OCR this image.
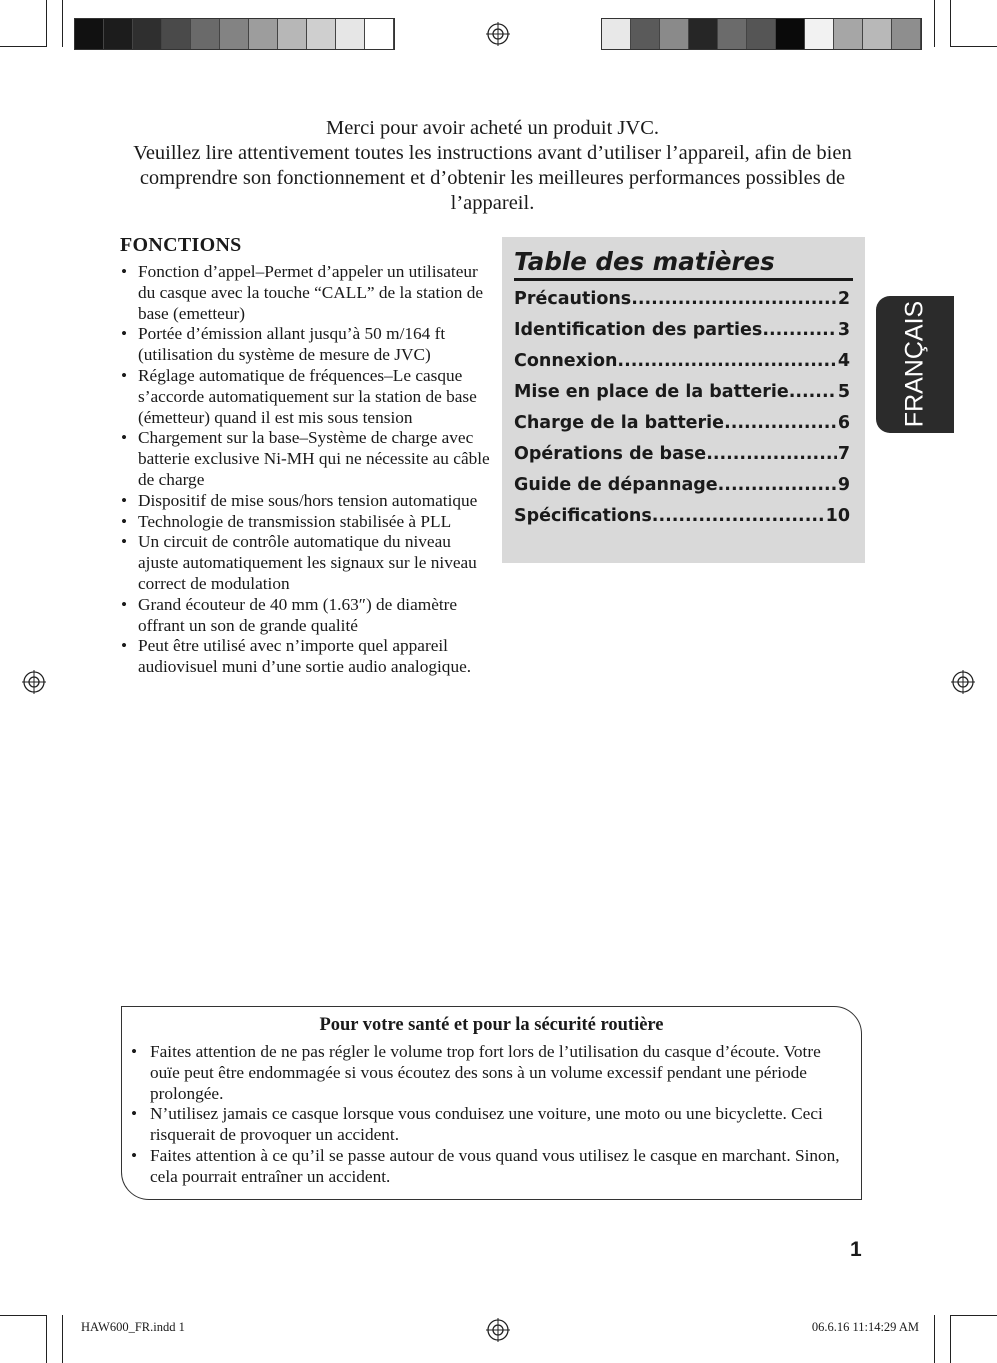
Merci pour avoir acheté un produit JVC.

Veuillez lire attentivement toutes les instructions avant d’utiliser l’appareil, afin de bien comprendre son fonctionnement et d’obtenir les meilleures performances possibles de l’appareil.

FONCTIONS
• Fonction d’appel–Permet d’appeler un utilisateur du casque avec la touche “CALL” de la station de base (emetteur)
• Portée d’émission allant jusqu’à 50 m/164 ft (utilisation du système de mesure de JVC)
• Réglage automatique de fréquences–Le casque s’accorde automatiquement sur la station de base (émetteur) quand il est mis sous tension
• Chargement sur la base–Système de charge avec batterie exclusive Ni-MH qui ne nécessite au câble de charge
• Dispositif de mise sous/hors tension automatique
• Technologie de transmission stabilisée à PLL
• Un circuit de contrôle automatique du niveau ajuste automatiquement les signaux sur le niveau correct de modulation
• Grand écouteur de 40 mm (1.63″) de diamètre offrant un son de grande qualité
• Peut être utilisé avec n’importe quel appareil audiovisuel muni d’une sortie audio analogique.
Table des matières
Précautions .....	2
Identification des parties .....	3
Connexion .....	4
Mise en place de la batterie .....	5
Charge de la batterie .....	6
Opérations de base .....	7
Guide de dépannage .....	9
Spécifications .....	10
FRANÇAIS
Pour votre santé et pour la sécurité routière
• Faites attention de ne pas régler le volume trop fort lors de l’utilisation du casque d’écoute. Votre ouïe peut être endommagée si vous écoutez des sons à un volume excessif pendant une période prolongée.
• N’utilisez jamais ce casque lorsque vous conduisez une voiture, une moto ou une bicyclette. Ceci risquerait de provoquer un accident.
• Faites attention à ce qu’il se passe autour de vous quand vous utilisez le casque en marchant. Sinon, cela pourrait entraîner un accident.
1
HAW600_FR.indd 1	06.6.16 11:14:29 AM
